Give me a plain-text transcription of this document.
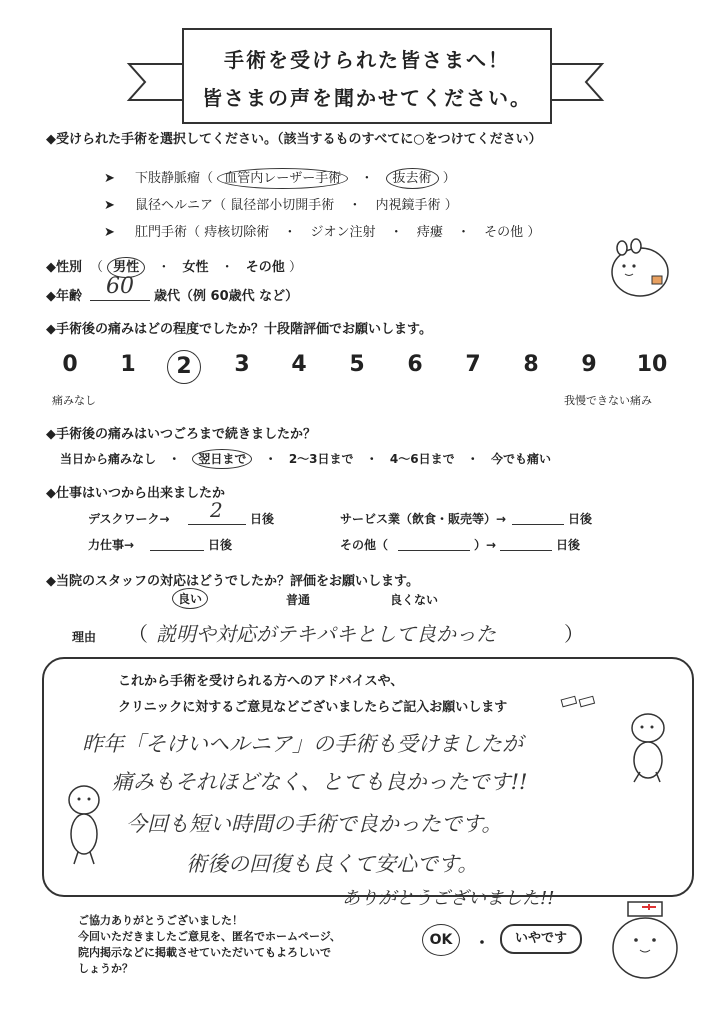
手術を受けられた皆さまへ！
皆さまの声を聞かせてください。
◆受けられた手術を選択してください。（該当するものすべてに○をつけてください）
➤ 下肢静脈瘤（ 血管内レーザー手術 ・ 抜去術 ）
➤ 鼠径ヘルニア（ 鼠径部小切開手術 ・ 内視鏡手術 ）
➤ 肛門手術（ 痔核切除術 ・ ジオン注射 ・ 痔瘻 ・ その他 ）
◆性別 （ 男性 ・ 女性 ・ その他 ）
◆年齢 60 歳代（例 60歳代 など）
◆手術後の痛みはどの程度でしたか？十段階評価でお願いします。
0	1	2	3	4	5	6	7	8	9	10
痛みなし	我慢できない痛み
◆手術後の痛みはいつごろまで続きましたか？
当日から痛みなし ・ 翌日まで ・ 2～3日まで ・ 4～6日まで ・ 今でも痛い
◆仕事はいつから出来ましたか
デスクワーク→ 2 日後	サービス業（飲食・販売等）→	日後
力仕事→	日後	その他（	）→	日後
◆当院のスタッフの対応はどうでしたか？評価をお願いします。
良い	普通	良くない
理由 （ 説明や対応がテキパキとして良かった	）
これから手術を受けられる方へのアドバイスや、
クリニックに対するご意見などございましたらご記入お願いします
昨年「そけいヘルニア」の手術も受けましたが
痛みもそれほどなく、とても良かったです!!
今回も短い時間の手術で良かったです。
術後の回復も良くて安心です。
ありがとうございました!!
ご協力ありがとうございました！
今回いただきましたご意見を、匿名でホームページ、
院内掲示などに掲載させていただいてもよろしいで
しょうか？
OK	・	いやです
